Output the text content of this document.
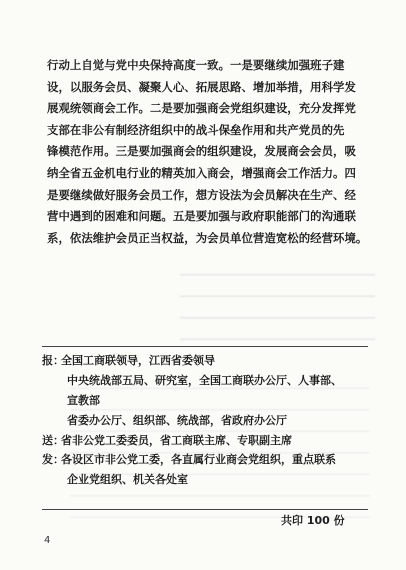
行动上自觉与党中央保持高度一致。一是要继续加强班子建
设，以服务会员、凝聚人心、拓展思路、增加举措，用科学发
展观统领商会工作。二是要加强商会党组织建设，充分发挥党
支部在非公有制经济组织中的战斗保垒作用和共产党员的先
锋模范作用。三是要加强商会的组织建设，发展商会会员，吸
纳全省五金机电行业的精英加入商会，增强商会工作活力。四
是要继续做好服务会员工作，想方设法为会员解决在生产、经
营中遇到的困难和问题。五是要加强与政府职能部门的沟通联
系，依法维护会员正当权益，为会员单位营造宽松的经营环境。
报：
全国工商联领导，江西省委领导
中央统战部五局、研究室，全国工商联办公厅、人事部、
宣教部
省委办公厅、组织部、统战部，省政府办公厅
送：
省非公党工委委员，省工商联主席、专职副主席
发：
各设区市非公党工委，各直属行业商会党组织，重点联系
企业党组织、机关各处室
共印 100 份
4
